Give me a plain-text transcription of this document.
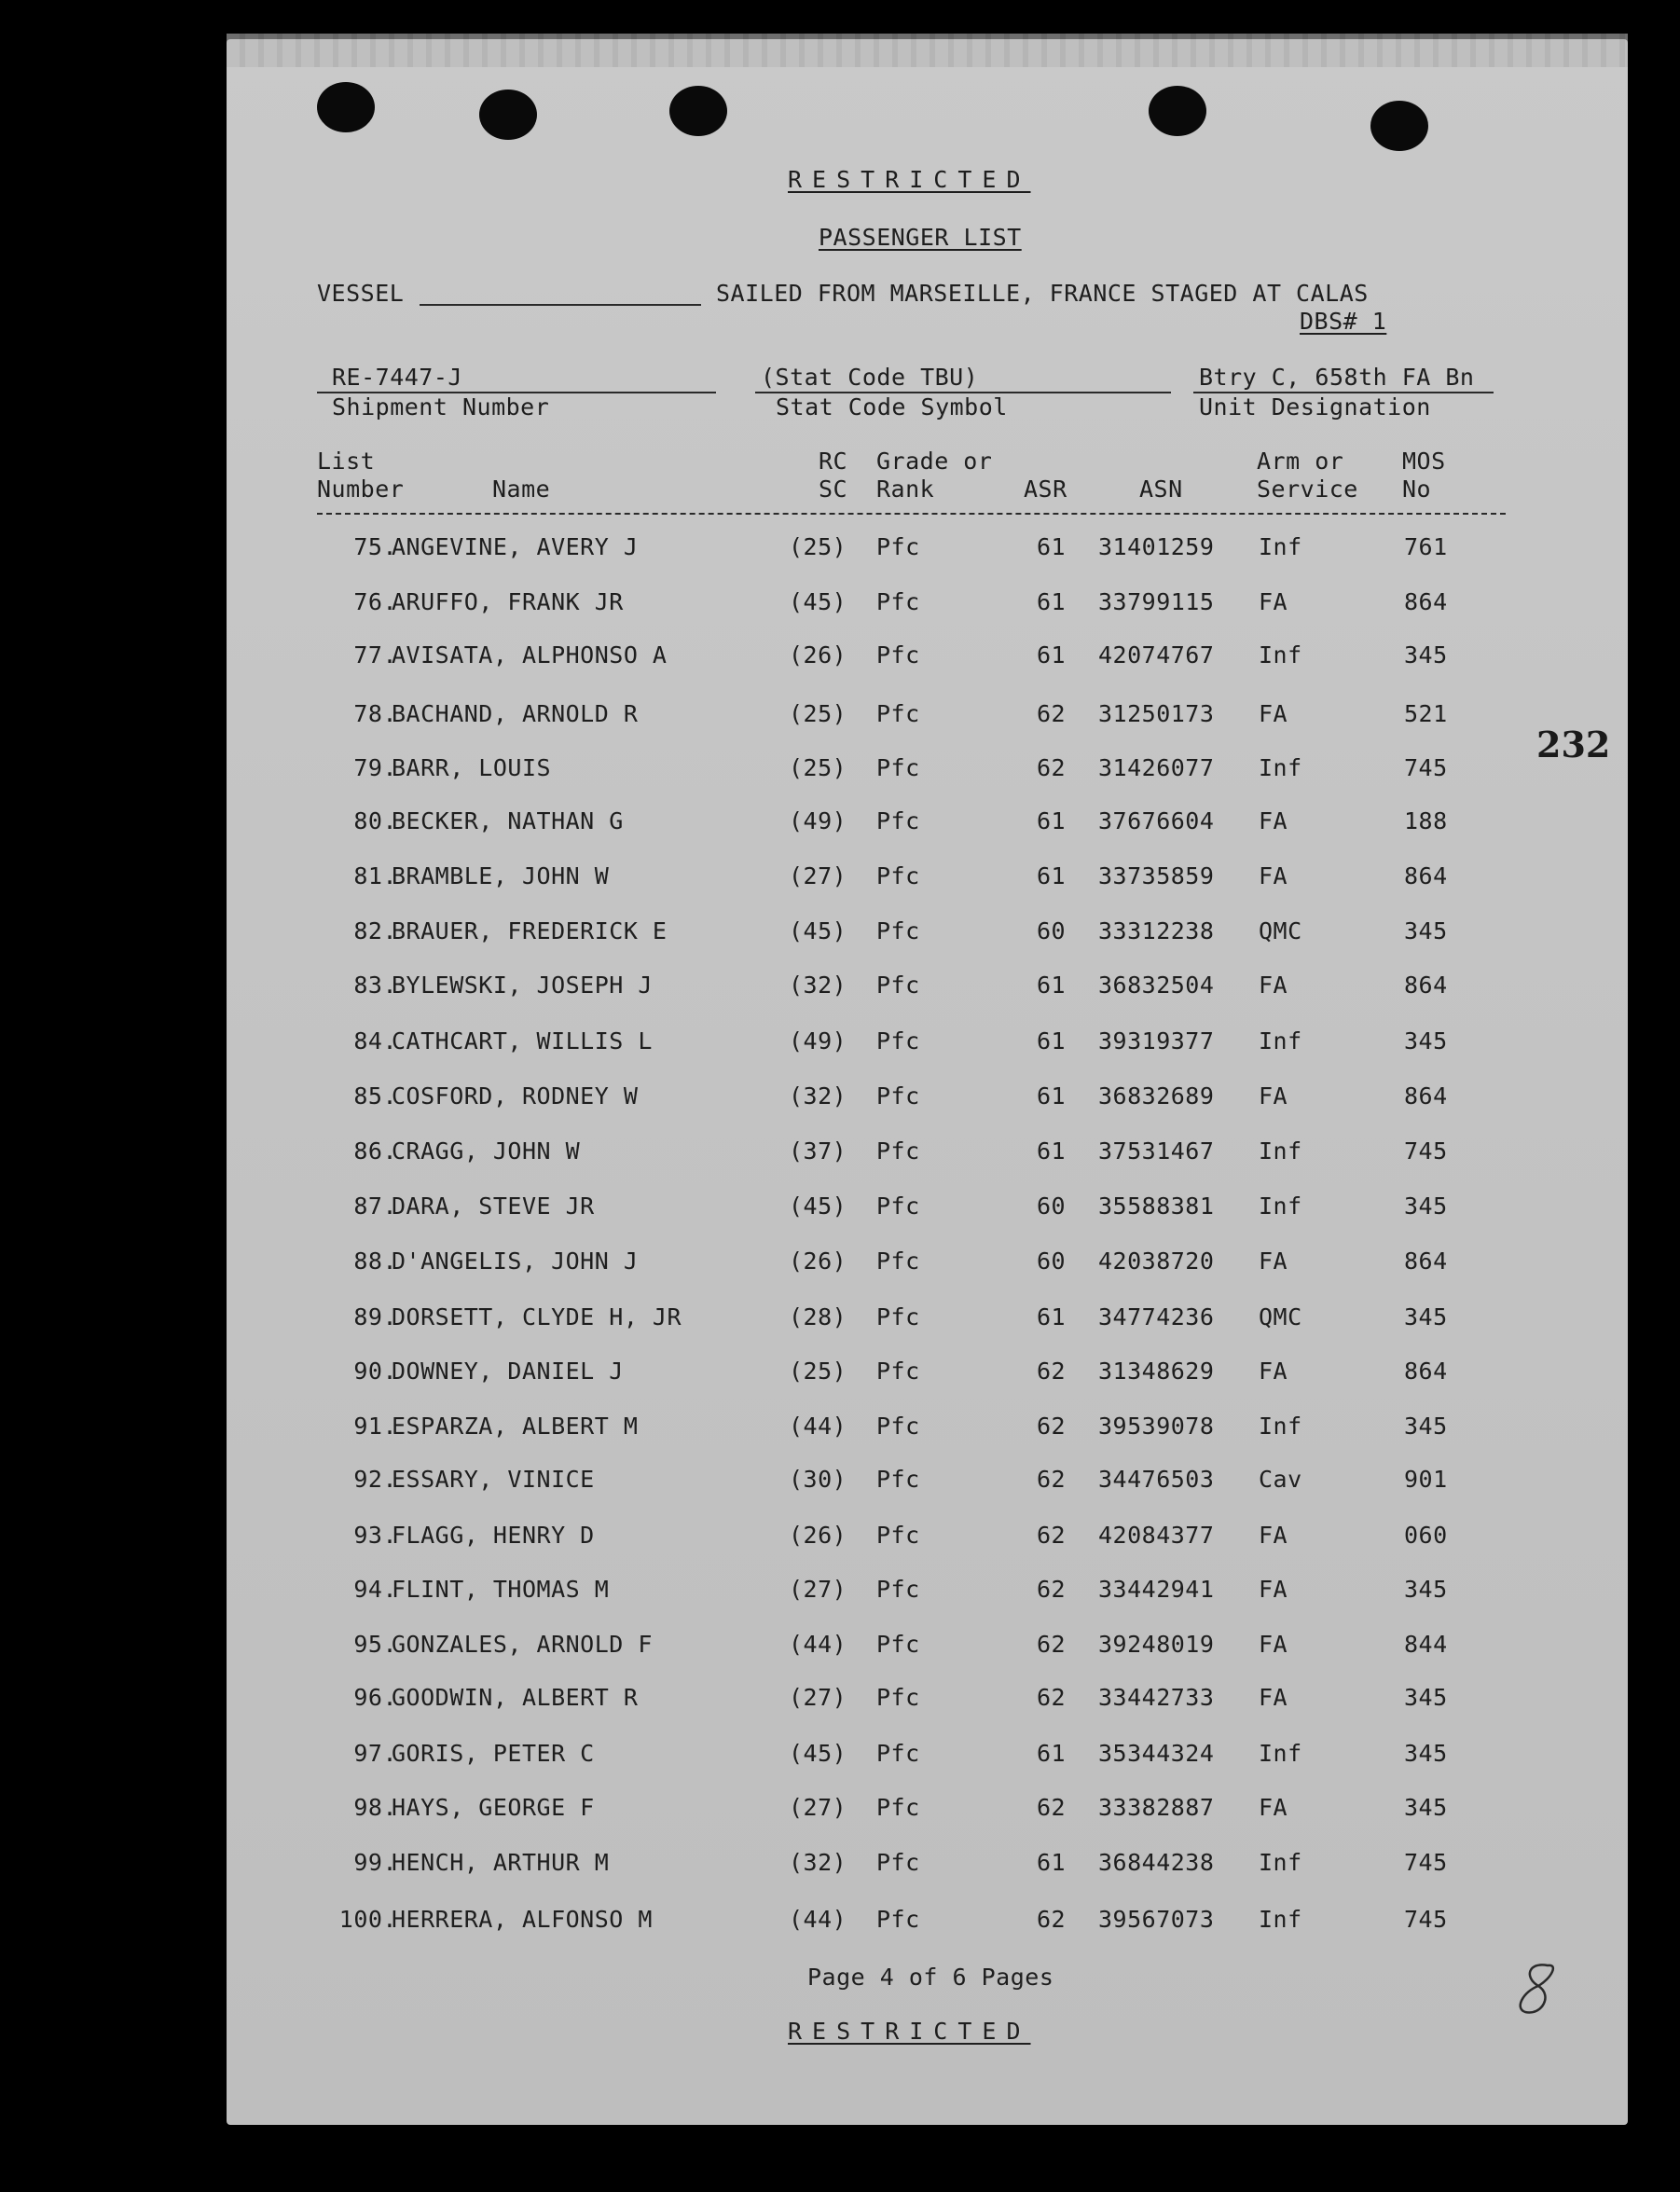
RESTRICTED
PASSENGER LIST
VESSEL	SAILED FROM MARSEILLE, FRANCE STAGED AT CALAS
DBS# 1
RE-7447-J
Shipment Number
(Stat Code TBU)
Stat Code Symbol
Btry C, 658th FA Bn
Unit Designation
List
Number	Name
RC
SC
Grade or
Rank	ASR	ASN
Arm or
Service
MOS
No
75.
ANGEVINE, AVERY J	(25) Pfc	61 31401259 Inf	761
76.
ARUFFO, FRANK JR	(45) Pfc	61 33799115 FA	864
77.
AVISATA, ALPHONSO A	(26) Pfc	61 42074767 Inf	345
78.
BACHAND, ARNOLD R	(25) Pfc	62 31250173 FA	521
79.
BARR, LOUIS	(25) Pfc	62 31426077 Inf	745
80.
BECKER, NATHAN G	(49) Pfc	61 37676604 FA	188
81.
BRAMBLE, JOHN W	(27) Pfc	61 33735859 FA	864
82.
BRAUER, FREDERICK E	(45) Pfc	60 33312238 QMC	345
83.
BYLEWSKI, JOSEPH J	(32) Pfc	61 36832504 FA	864
84.
CATHCART, WILLIS L	(49) Pfc	61 39319377 Inf	345
85.
COSFORD, RODNEY W	(32) Pfc	61 36832689 FA	864
86.
CRAGG, JOHN W	(37) Pfc	61 37531467 Inf	745
87.
DARA, STEVE JR	(45) Pfc	60 35588381 Inf	345
88.
D'ANGELIS, JOHN J	(26) Pfc	60 42038720 FA	864
89.
DORSETT, CLYDE H, JR	(28) Pfc	61 34774236 QMC	345
90.
DOWNEY, DANIEL J	(25) Pfc	62 31348629 FA	864
91.
ESPARZA, ALBERT M	(44) Pfc	62 39539078 Inf	345
92.
ESSARY, VINICE	(30) Pfc	62 34476503 Cav	901
93.
FLAGG, HENRY D	(26) Pfc	62 42084377 FA	060
94.
FLINT, THOMAS M	(27) Pfc	62 33442941 FA	345
95.
GONZALES, ARNOLD F	(44) Pfc	62 39248019 FA	844
96.
GOODWIN, ALBERT R	(27) Pfc	62 33442733 FA	345
97.
GORIS, PETER C	(45) Pfc	61 35344324 Inf	345
98.
HAYS, GEORGE F	(27) Pfc	62 33382887 FA	345
99.
HENCH, ARTHUR M	(32) Pfc	61 36844238 Inf	745
100.
HERRERA, ALFONSO M	(44) Pfc	62 39567073 Inf	745
Page 4 of 6 Pages
RESTRICTED
232
